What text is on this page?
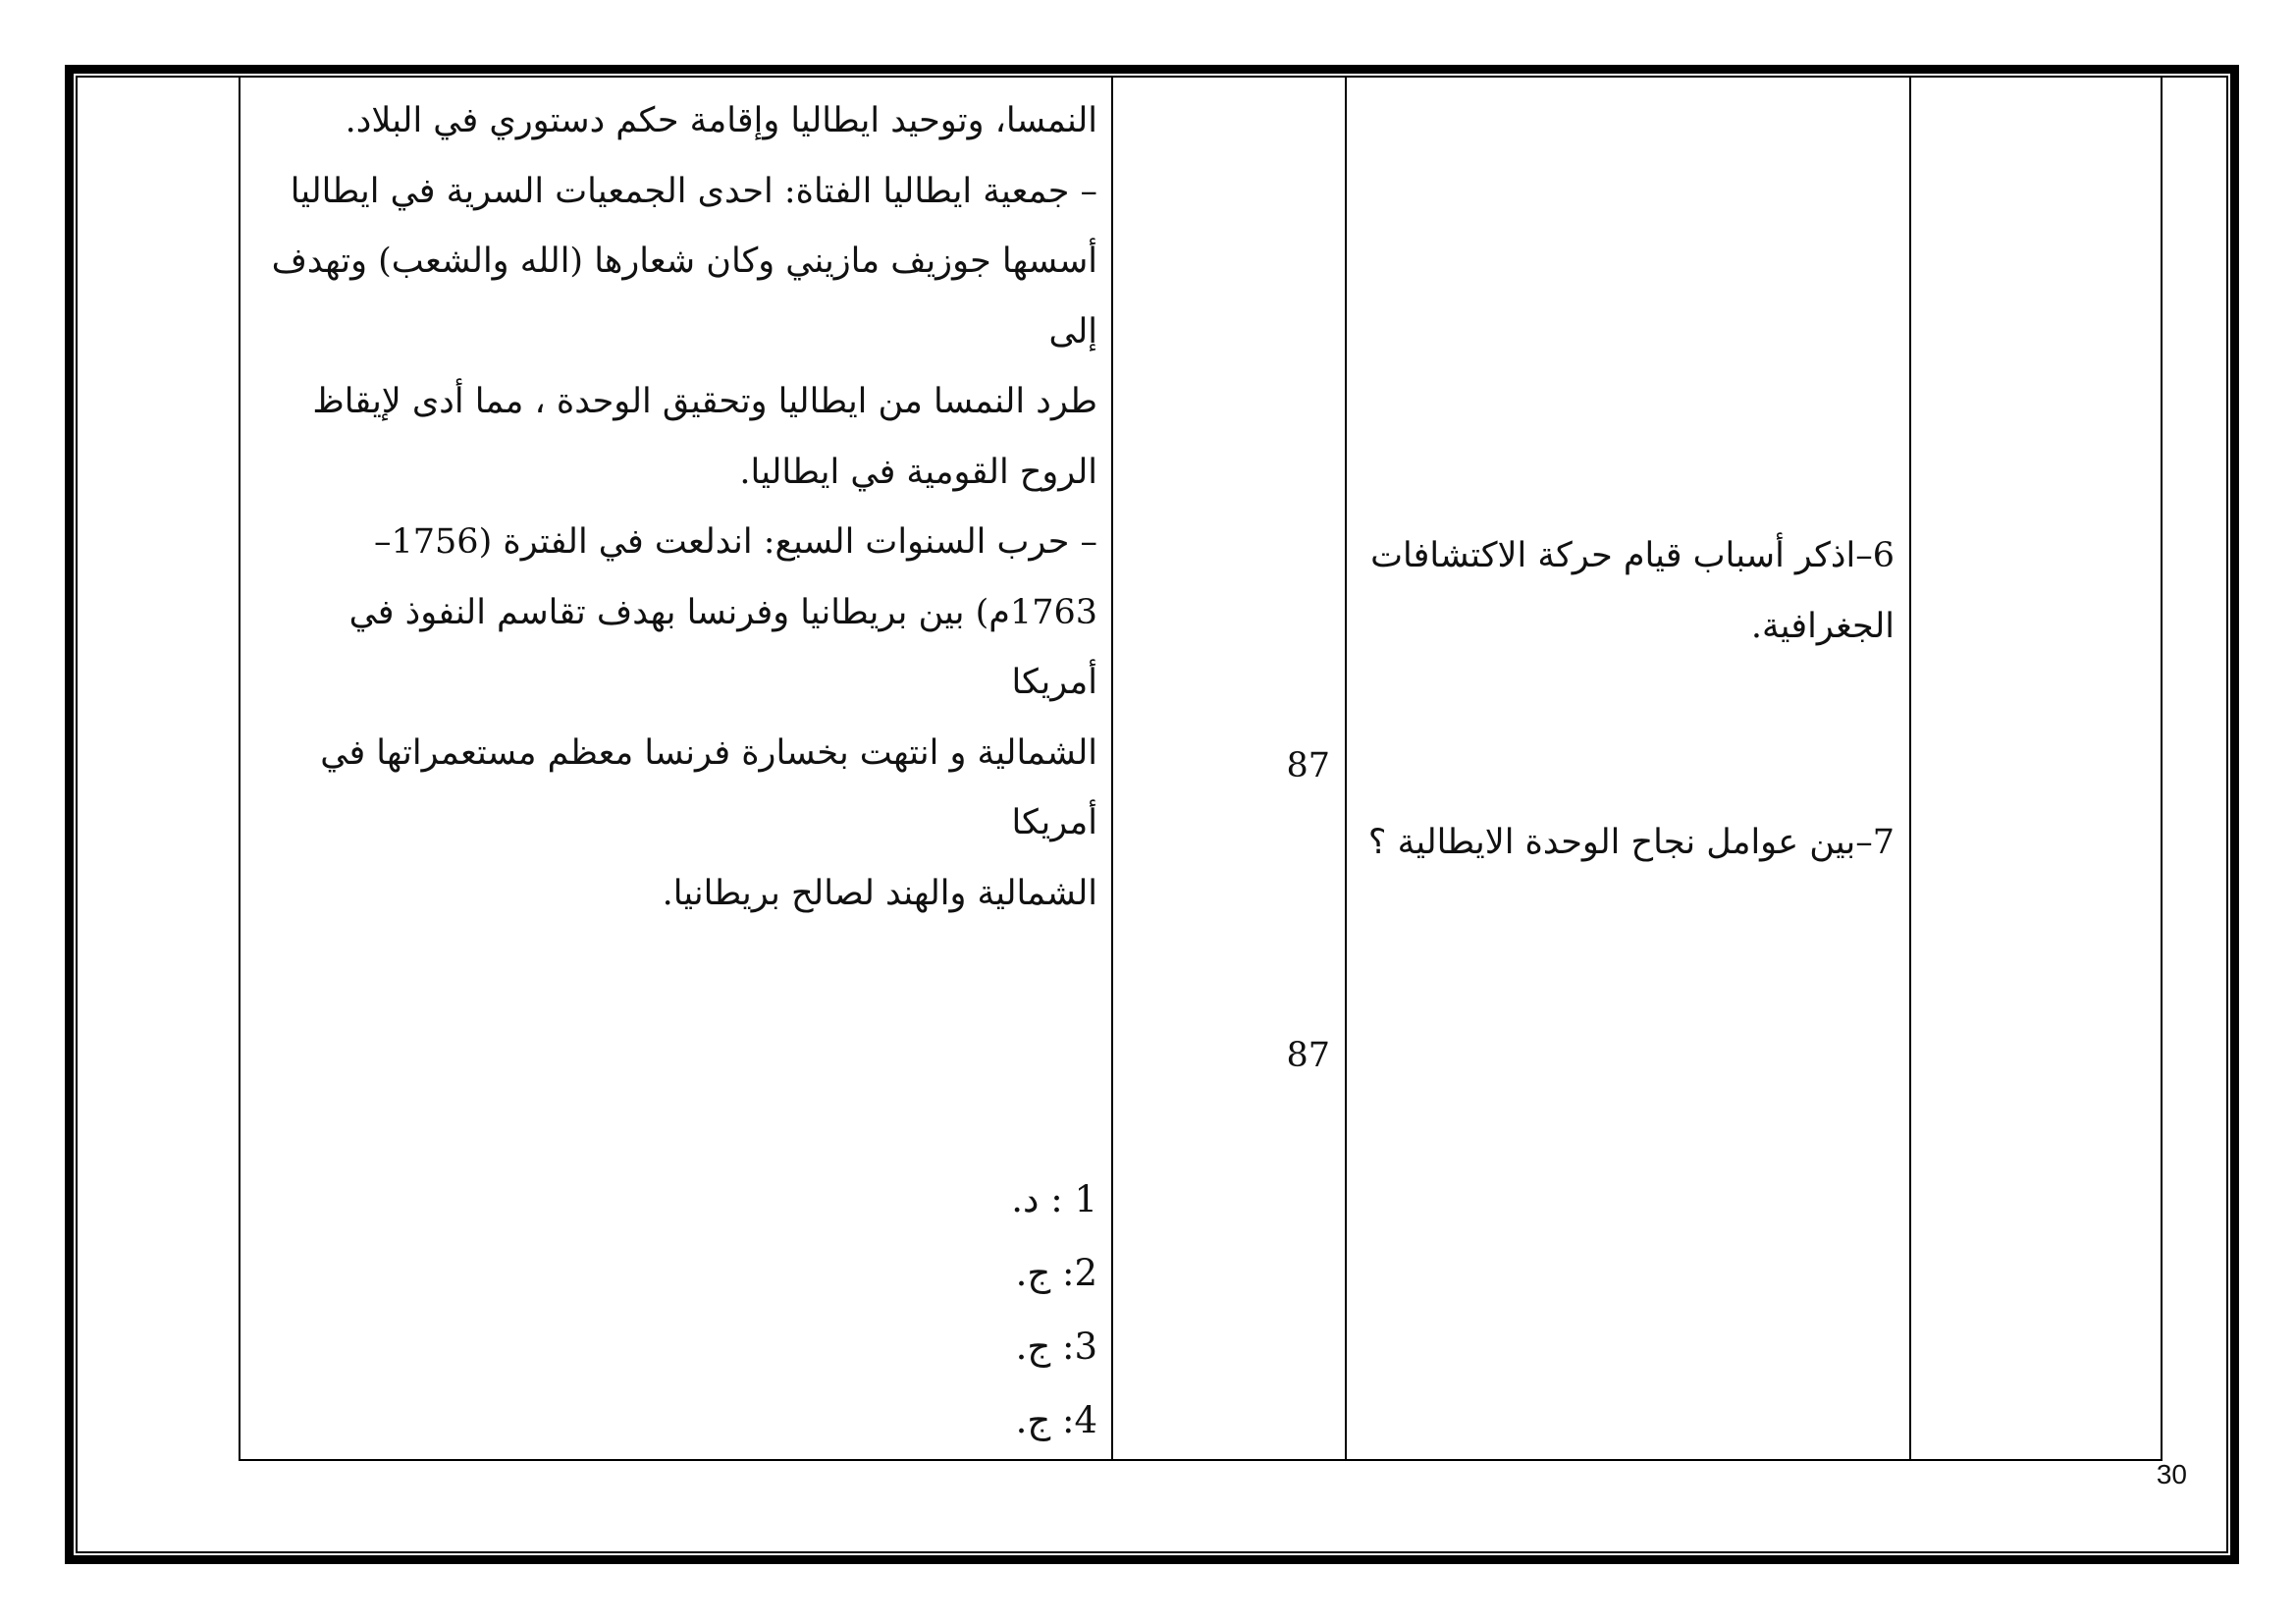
النمسا، وتوحيد ايطاليا وإقامة حكم دستوري في البلاد.

– جمعية ايطاليا الفتاة: احدى الجمعيات السرية في ايطاليا

أسسها جوزيف مازيني وكان شعارها (الله والشعب) وتهدف إلى

طرد النمسا من ايطاليا وتحقيق الوحدة ، مما أدى لإيقاظ

الروح القومية في ايطاليا.

– حرب السنوات السبع: اندلعت في الفترة (1756–

1763م) بين بريطانيا وفرنسا بهدف تقاسم النفوذ في أمريكا

الشمالية و انتهت بخسارة فرنسا معظم مستعمراتها في أمريكا

الشمالية والهند لصالح بريطانيا.

1 : د.
2: ج.
3: ج.
4: ج.
87
87

6–اذكر أسباب قيام حركة الاكتشافات

الجغرافية.

7–بين عوامل نجاح الوحدة الايطالية ؟
30
